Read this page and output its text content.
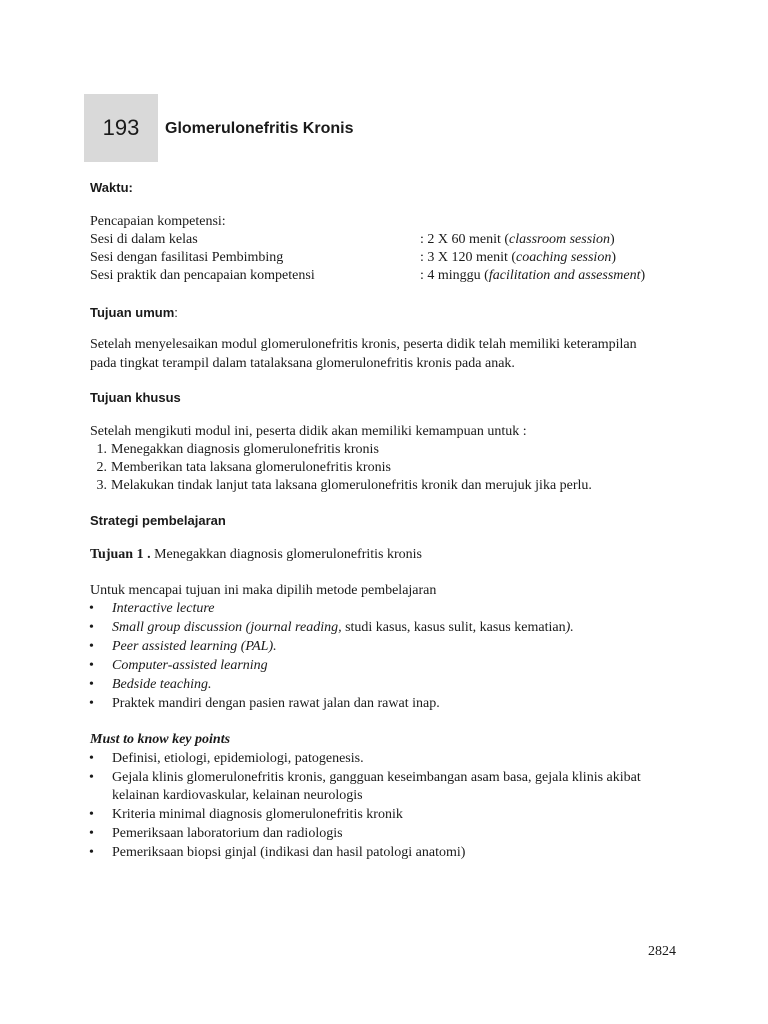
193 Glomerulonefritis Kronis
Waktu:
Pencapaian kompetensi:
Sesi di dalam kelas	: 2 X 60 menit (classroom session)
Sesi dengan fasilitasi Pembimbing	: 3 X 120 menit (coaching session)
Sesi praktik dan pencapaian kompetensi	: 4 minggu (facilitation and assessment)
Tujuan umum:
Setelah menyelesaikan modul glomerulonefritis kronis, peserta didik telah memiliki keterampilan
pada tingkat terampil dalam tatalaksana glomerulonefritis kronis pada anak.
Tujuan khusus
Setelah mengikuti modul ini, peserta didik akan memiliki kemampuan untuk :
1. Menegakkan diagnosis glomerulonefritis kronis
2. Memberikan tata laksana glomerulonefritis kronis
3. Melakukan tindak lanjut tata laksana glomerulonefritis kronik dan merujuk jika perlu.
Strategi pembelajaran
Tujuan 1 . Menegakkan diagnosis glomerulonefritis kronis
Untuk mencapai tujuan ini maka dipilih metode pembelajaran
•	Interactive lecture
•	Small group discussion (journal reading, studi kasus, kasus sulit, kasus kematian).
•	Peer assisted learning (PAL).
•	Computer-assisted learning
•	Bedside teaching.
•	Praktek mandiri dengan pasien rawat jalan dan rawat inap.
Must to know key points
•	Definisi, etiologi, epidemiologi, patogenesis.
•	Gejala klinis glomerulonefritis kronis, gangguan keseimbangan asam basa, gejala klinis akibat
kelainan kardiovaskular, kelainan neurologis
•	Kriteria minimal diagnosis glomerulonefritis kronik
•	Pemeriksaan laboratorium dan radiologis
•	Pemeriksaan biopsi ginjal (indikasi dan hasil patologi anatomi)
2824
